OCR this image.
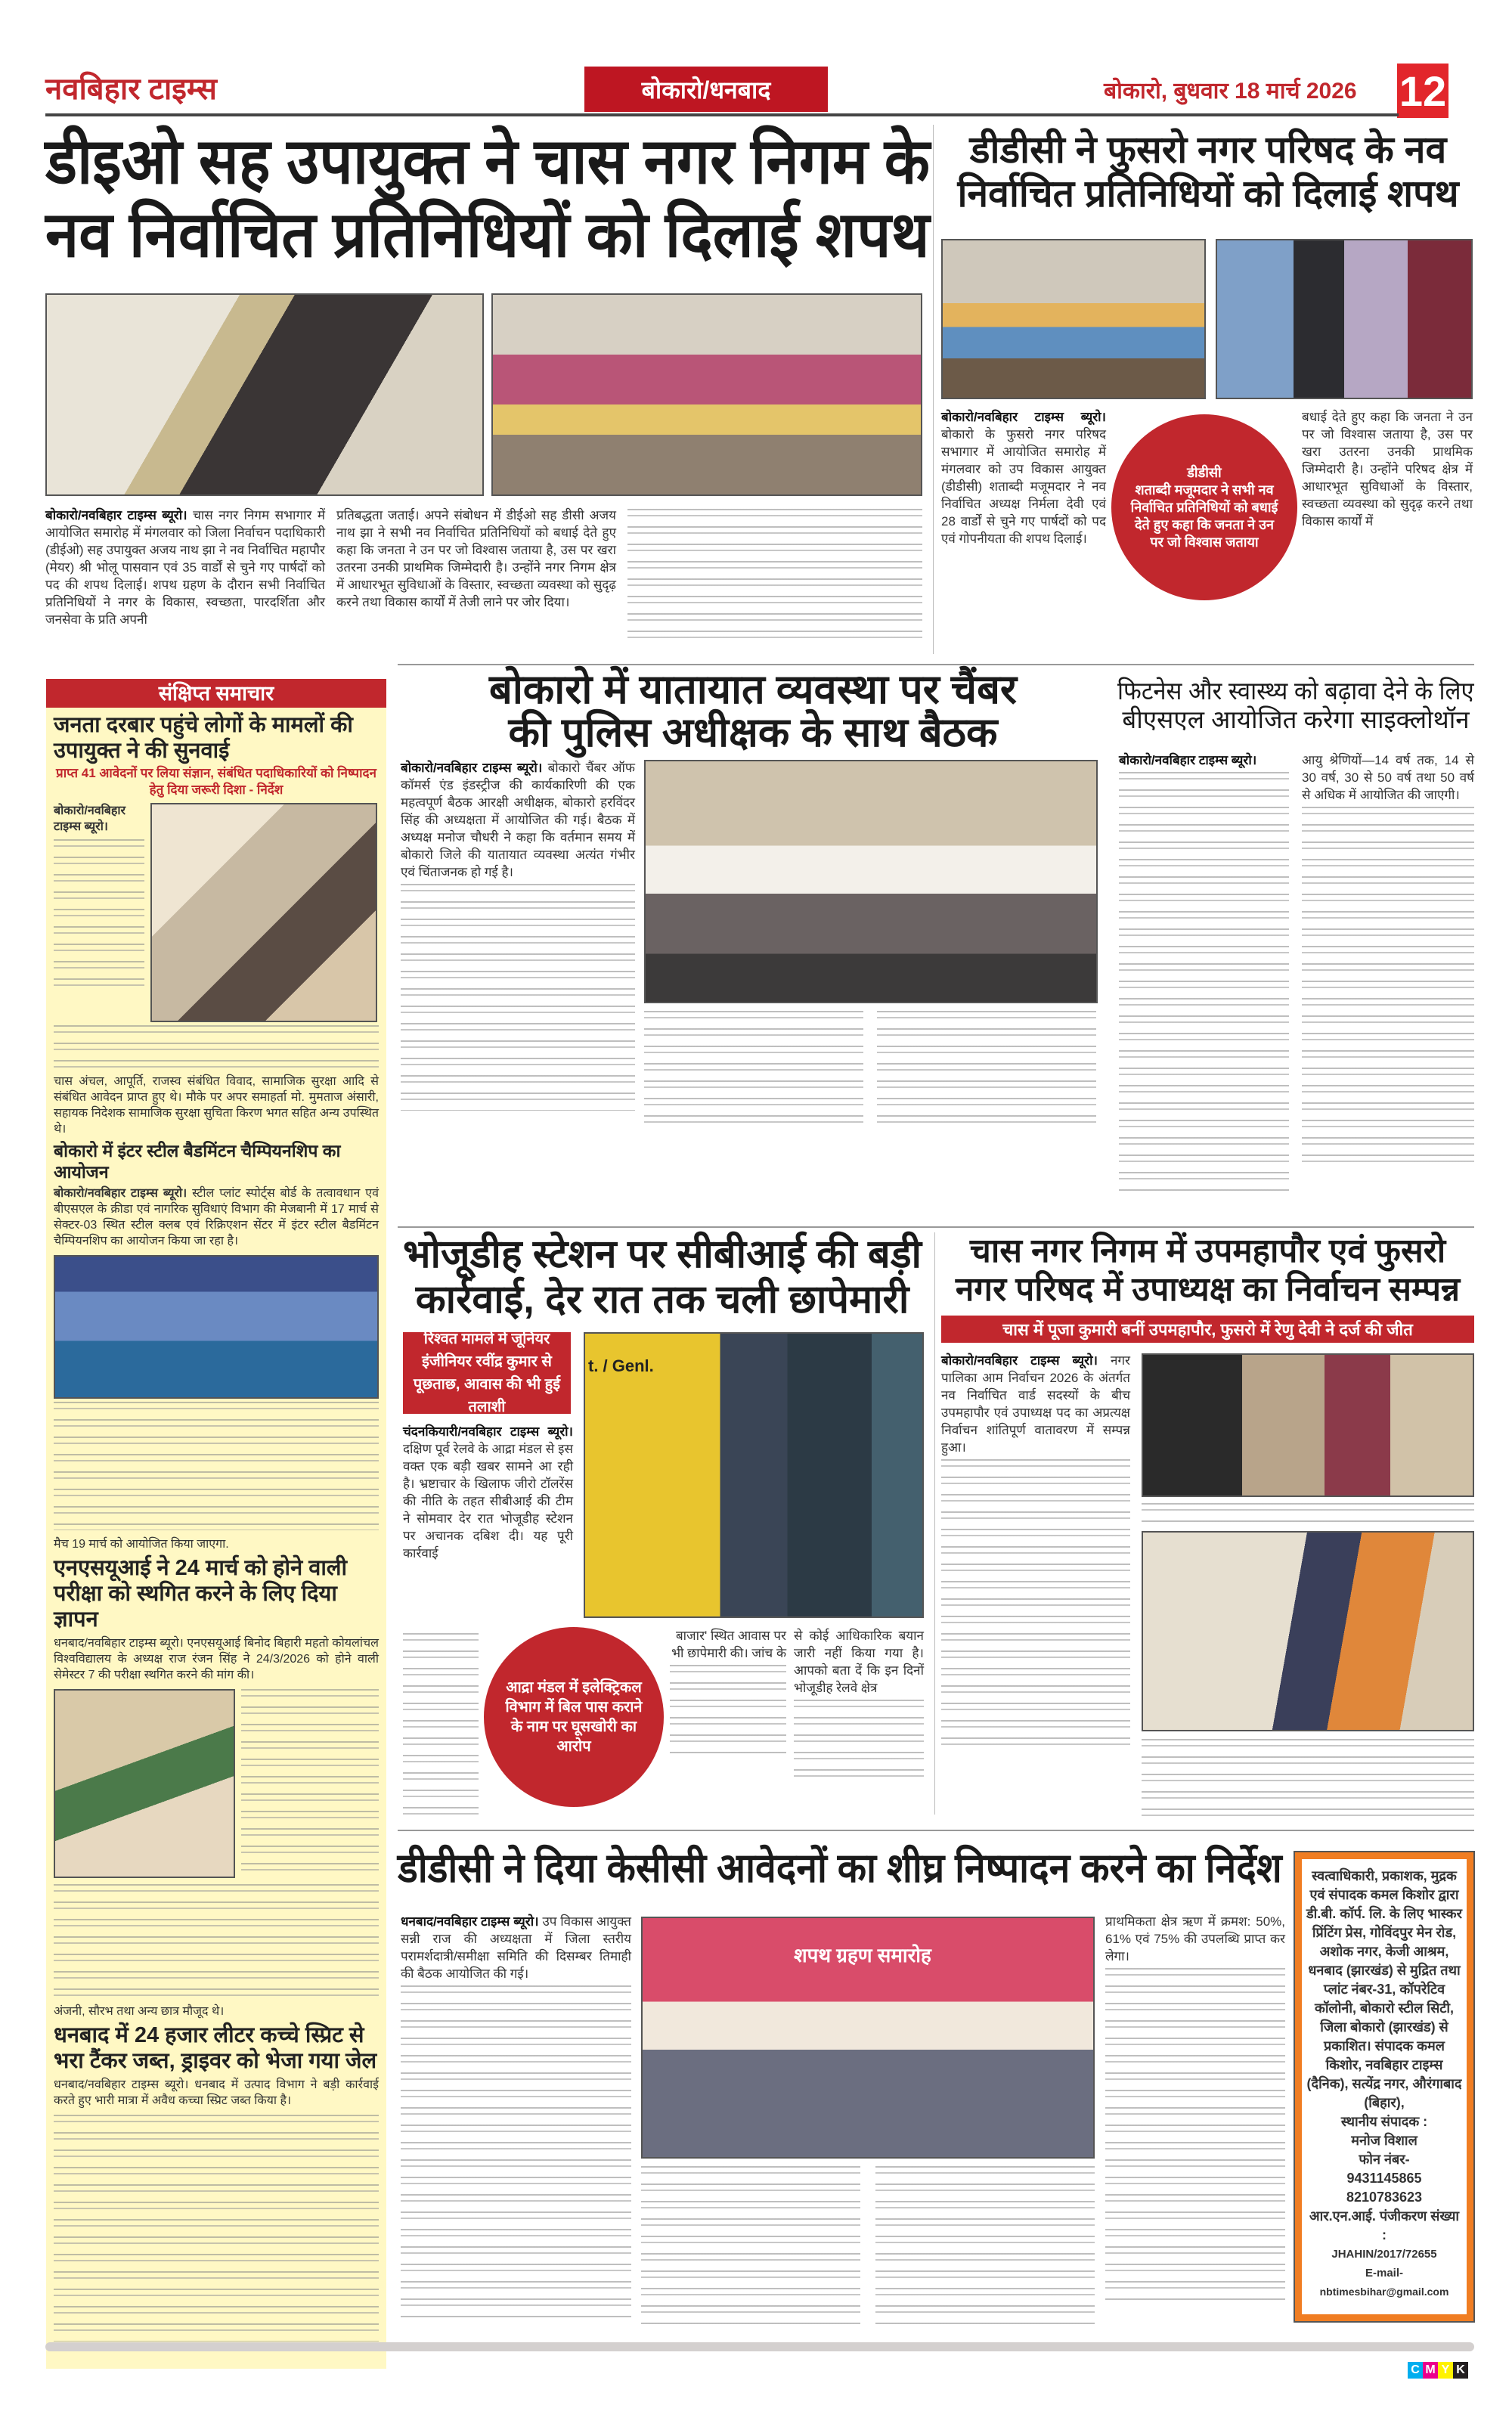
नवबिहार टाइम्स	बोकारो/धनबाद	बोकारो, बुधवार 18 मार्च 2026 12
डीइओ सह उपायुक्त ने चास नगर निगम के
नव निर्वाचित प्रतिनिधियों को दिलाई शपथ
बोकारो/नवबिहार टाइम्स ब्यूरो। चास नगर निगम सभागार में आयोजित समारोह में मंगलवार को जिला निर्वाचन पदाधिकारी (डीईओ) सह उपायुक्त अजय नाथ झा ने नव निर्वाचित महापौर (मेयर) श्री भोलू पासवान एवं 35 वार्डों से चुने गए पार्षदों को पद की शपथ दिलाई। शपथ ग्रहण के दौरान सभी निर्वाचित प्रतिनिधियों ने नगर के विकास, स्वच्छता, पारदर्शिता और जनसेवा के प्रति अपनी
प्रतिबद्धता जताई। अपने संबोधन में डीईओ सह डीसी अजय नाथ झा ने सभी नव निर्वाचित प्रतिनिधियों को बधाई देते हुए कहा कि जनता ने उन पर जो विश्वास जताया है, उस पर खरा उतरना उनकी प्राथमिक जिम्मेदारी है। उन्होंने नगर निगम क्षेत्र में आधारभूत सुविधाओं के विस्तार, स्वच्छता व्यवस्था को सुदृढ़ करने तथा विकास कार्यों में तेजी लाने पर जोर दिया।
डीडीसी ने फुसरो नगर परिषद के नव
निर्वाचित प्रतिनिधियों को दिलाई शपथ
बोकारो/नवबिहार टाइम्स ब्यूरो। बोकारो के फुसरो नगर परिषद सभागार में आयोजित समारोह में मंगलवार को उप विकास आयुक्त (डीडीसी) शताब्दी मजूमदार ने नव निर्वाचित अध्यक्ष निर्मला देवी एवं 28 वार्डों से चुने गए पार्षदों को पद एवं गोपनीयता की शपथ दिलाई।
बधाई देते हुए कहा कि जनता ने उन पर जो विश्वास जताया है, उस पर खरा उतरना उनकी प्राथमिक जिम्मेदारी है। उन्होंने परिषद क्षेत्र में आधारभूत सुविधाओं के विस्तार, स्वच्छता व्यवस्था को सुदृढ़ करने तथा विकास कार्यों में
डीडीसी
शताब्दी मजूमदार ने सभी नव निर्वाचित प्रतिनिधियों को बधाई देते हुए कहा कि जनता ने उन पर जो विश्वास जताया
संक्षिप्त समाचार
जनता दरबार पहुंचे लोगों के मामलों की उपायुक्त ने की सुनवाई
प्राप्त 41 आवेदनों पर लिया संज्ञान, संबंधित पदाधिकारियों को निष्पादन हेतु दिया जरूरी दिशा - निर्देश
बोकारो/नवबिहार टाइम्स ब्यूरो।
चास अंचल, आपूर्ति, राजस्व संबंधित विवाद, सामाजिक सुरक्षा आदि से संबंधित आवेदन प्राप्त हुए थे। मौके पर अपर समाहर्ता मो. मुमताज अंसारी, सहायक निदेशक सामाजिक सुरक्षा सुचिता किरण भगत सहित अन्य उपस्थित थे।
बोकारो में इंटर स्टील बैडमिंटन चैम्पियनशिप का आयोजन
बोकारो/नवबिहार टाइम्स ब्यूरो। स्टील प्लांट स्पोर्ट्स बोर्ड के तत्वावधान एवं बीएसएल के क्रीडा एवं नागरिक सुविधाएं विभाग की मेजबानी में 17 मार्च से सेक्टर-03 स्थित स्टील क्लब एवं रिक्रिएशन सेंटर में इंटर स्टील बैडमिंटन चैम्पियनशिप का आयोजन किया जा रहा है।
मैच 19 मार्च को आयोजित किया जाएगा.
एनएसयूआई ने 24 मार्च को होने वाली परीक्षा को स्थगित करने के लिए दिया ज्ञापन
धनबाद/नवबिहार टाइम्स ब्यूरो। एनएसयूआई बिनोद बिहारी महतो कोयलांचल विश्वविद्यालय के अध्यक्ष राज रंजन सिंह ने 24/3/2026 को होने वाली सेमेस्टर 7 की परीक्षा स्थगित करने की मांग की।
अंजनी, सौरभ तथा अन्य छात्र मौजूद थे।
धनबाद में 24 हजार लीटर कच्चे स्प्रिट से भरा टैंकर जब्त, ड्राइवर को भेजा गया जेल
धनबाद/नवबिहार टाइम्स ब्यूरो। धनबाद में उत्पाद विभाग ने बड़ी कार्रवाई करते हुए भारी मात्रा में अवैध कच्चा स्प्रिट जब्त किया है।
बोकारो में यातायात व्यवस्था पर चैंबर
की पुलिस अधीक्षक के साथ बैठक
बोकारो/नवबिहार टाइम्स ब्यूरो। बोकारो चैंबर ऑफ कॉमर्स एंड इंडस्ट्रीज की कार्यकारिणी की एक महत्वपूर्ण बैठक आरक्षी अधीक्षक, बोकारो हरविंदर सिंह की अध्यक्षता में आयोजित की गई। बैठक में अध्यक्ष मनोज चौधरी ने कहा कि वर्तमान समय में बोकारो जिले की यातायात व्यवस्था अत्यंत गंभीर एवं चिंताजनक हो गई है।
फिटनेस और स्वास्थ्य को बढ़ावा देने के लिए
बीएसएल आयोजित करेगा साइक्लोथॉन
बोकारो/नवबिहार टाइम्स ब्यूरो।	आयु श्रेणियों—14 वर्ष तक, 14 से 30 वर्ष, 30 से 50 वर्ष तथा 50 वर्ष से अधिक में आयोजित की जाएगी।
भोजूडीह स्टेशन पर सीबीआई की बड़ी
कार्रवाई, देर रात तक चली छापेमारी
रिश्वत मामले में जूनियर इंजीनियर रवींद्र कुमार से पूछताछ, आवास की भी हुई तलाशी
t. / Genl.
चंदनकियारी/नवबिहार टाइम्स ब्यूरो। दक्षिण पूर्व रेलवे के आद्रा मंडल से इस वक्त एक बड़ी खबर सामने आ रही है। भ्रष्टाचार के खिलाफ जीरो टॉलरेंस की नीति के तहत सीबीआई की टीम ने सोमवार देर रात भोजूडीह स्टेशन पर अचानक दबिश दी। यह पूरी कार्रवाई
आद्रा मंडल में इलेक्ट्रिकल विभाग में बिल पास कराने के नाम पर घूसखोरी का आरोप
बाजार' स्थित आवास पर भी छापेमारी की। जांच के
से कोई आधिकारिक बयान जारी नहीं किया गया है। आपको बता दें कि इन दिनों भोजूडीह रेलवे क्षेत्र
चास नगर निगम में उपमहापौर एवं फुसरो
नगर परिषद में उपाध्यक्ष का निर्वाचन सम्पन्न
चास में पूजा कुमारी बनीं उपमहापौर, फुसरो में रेणु देवी ने दर्ज की जीत
बोकारो/नवबिहार टाइम्स ब्यूरो। नगर पालिका आम निर्वाचन 2026 के अंतर्गत नव निर्वाचित वार्ड सदस्यों के बीच उपमहापौर एवं उपाध्यक्ष पद का अप्रत्यक्ष निर्वाचन शांतिपूर्ण वातावरण में सम्पन्न हुआ।
डीडीसी ने दिया केसीसी आवेदनों का शीघ्र निष्पादन करने का निर्देश
धनबाद/नवबिहार टाइम्स ब्यूरो। उप विकास आयुक्त सन्नी राज की अध्यक्षता में जिला स्तरीय परामर्शदात्री/समीक्षा समिति की दिसम्बर तिमाही की बैठक आयोजित की गई।
शपथ ग्रहण समारोह
प्राथमिकता क्षेत्र ऋण में क्रमश: 50%, 61% एवं 75% की उपलब्धि प्राप्त कर लेगा।
स्वत्वाधिकारी, प्रकाशक, मुद्रक एवं संपादक कमल किशोर द्वारा डी.बी. कॉर्प. लि. के लिए भास्कर प्रिंटिंग प्रेस, गोविंदपुर मेन रोड, अशोक नगर, केजी आश्रम, धनबाद (झारखंड) से मुद्रित तथा प्लांट नंबर-31, कॉपरेटिव कॉलोनी, बोकारो स्टील सिटी, जिला बोकारो (झारखंड) से प्रकाशित। संपादक कमल किशोर, नवबिहार टाइम्स (दैनिक), सत्येंद्र नगर, औरंगाबाद (बिहार),
स्थानीय संपादक :
मनोज विशाल
फोन नंबर-
9431145865
8210783623
आर.एन.आई. पंजीकरण संख्या :
JHAHIN/2017/72655
E-mail-
nbtimesbihar@gmail.com
C M Y K
